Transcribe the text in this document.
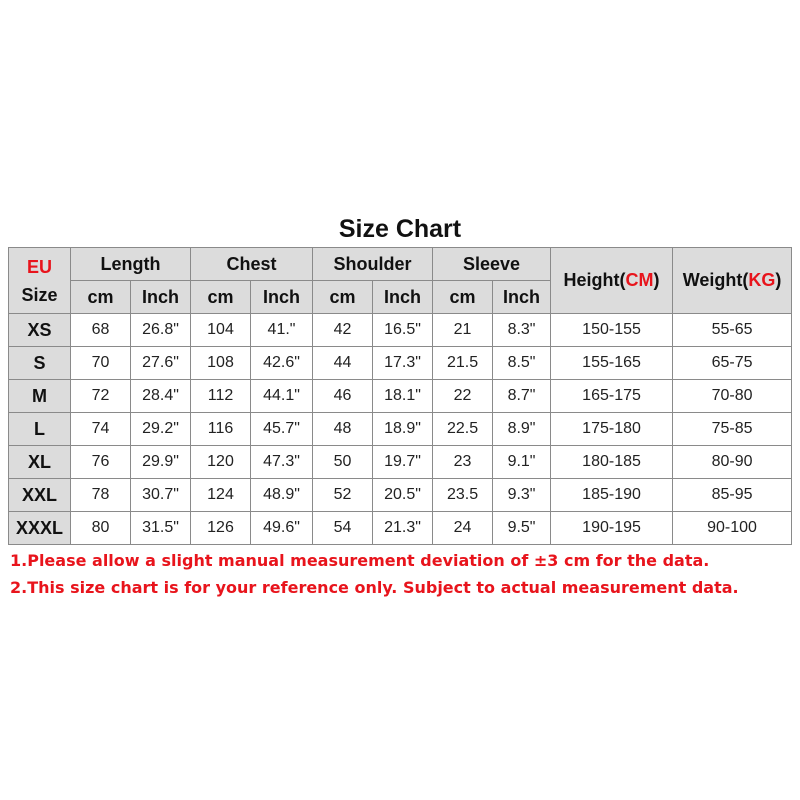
Size Chart
EU
Size	Length		Chest		Shoulder		Sleeve		Height(CM)	Weight(KG)
	cm	Inch	cm	Inch	cm	Inch	cm	Inch		
XS	68	26.8"	104	41."	42	16.5"	21	8.3"	150-155	55-65
S	70	27.6"	108	42.6"	44	17.3"	21.5	8.5"	155-165	65-75
M	72	28.4"	112	44.1"	46	18.1"	22	8.7"	165-175	70-80
L	74	29.2"	116	45.7"	48	18.9"	22.5	8.9"	175-180	75-85
XL	76	29.9"	120	47.3"	50	19.7"	23	9.1"	180-185	80-90
XXL	78	30.7"	124	48.9"	52	20.5"	23.5	9.3"	185-190	85-95
XXXL	80	31.5"	126	49.6"	54	21.3"	24	9.5"	190-195	90-100
1.Please allow a slight manual measurement deviation of ±3 cm for the data.
2.This size chart is for your reference only. Subject to actual measurement data.
